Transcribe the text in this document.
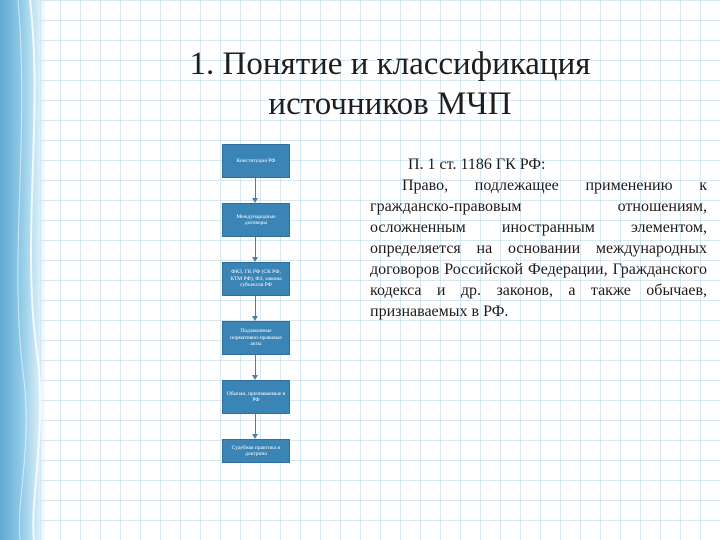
1. Понятие и классификация
источников МЧП
Конституция РФ
Международные договоры
ФКЗ, ГК РФ (СК РФ, КТМ РФ), ФЗ, законы субъектов РФ
Подзаконные нормативно-правовые акты
Обычаи, признаваемые в РФ
Судебная практика и доктрина
П. 1 ст. 1186 ГК РФ:
Право, подлежащее применению к гражданско-правовым отношениям, осложненным иностранным элементом, определяется на основании международных договоров Российской Федерации, Гражданского кодекса и др. законов, а также обычаев, признаваемых в РФ.
